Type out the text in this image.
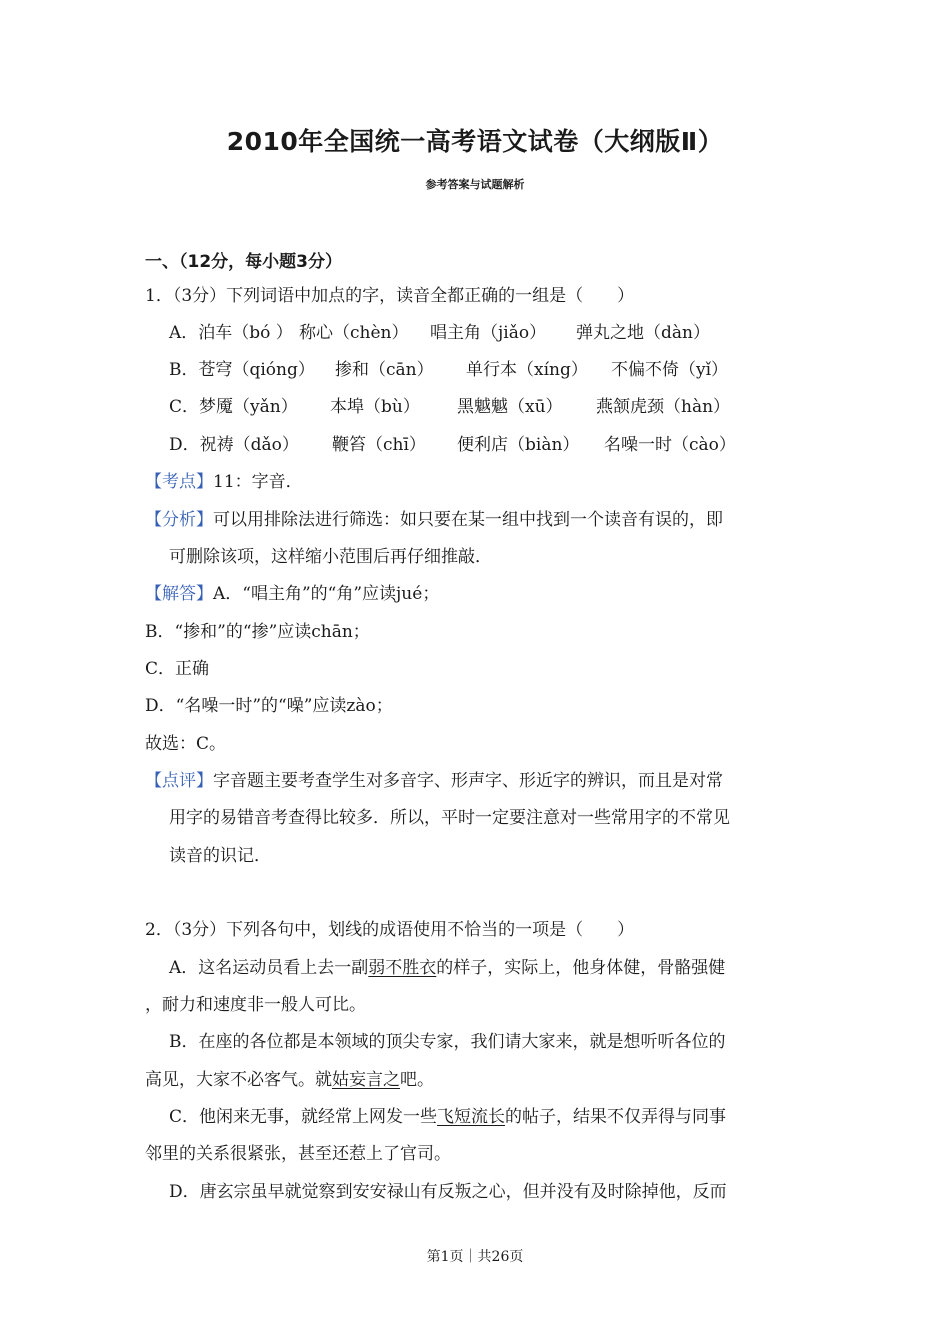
2010年全国统一高考语文试卷（大纲版Ⅱ）
参考答案与试题解析
一、（12分，每小题3分）
1．（3分）下列词语中加点的字，读音全都正确的一组是（　　）
A．泊车（bó ） 称心（chèn） 唱主角（jiǎo） 弹丸之地（dàn）
B．苍穹（qióng） 掺和（cān） 单行本（xíng） 不偏不倚（yǐ）
C．梦魇（yǎn） 本埠（bù） 黑魆魆（xū） 燕颔虎颈（hàn）
D．祝祷（dǎo） 鞭笞（chī） 便利店（biàn） 名噪一时（cào）
【考点】11：字音．
【分析】可以用排除法进行筛选：如只要在某一组中找到一个读音有误的，即
可删除该项，这样缩小范围后再仔细推敲．
【解答】A．“唱主角”的“角”应读jué；
B．“掺和”的“掺”应读chān；
C．正确
D．“名噪一时”的“噪”应读zào；
故选：C。
【点评】字音题主要考查学生对多音字、形声字、形近字的辨识，而且是对常
用字的易错音考查得比较多．所以，平时一定要注意对一些常用字的不常见
读音的识记．
2．（3分）下列各句中，划线的成语使用不恰当的一项是（　　）
A．这名运动员看上去一副弱不胜衣的样子，实际上，他身体健，骨骼强健
，耐力和速度非一般人可比。
B．在座的各位都是本领域的顶尖专家，我们请大家来，就是想听听各位的
高见，大家不必客气。就姑妄言之吧。
C．他闲来无事，就经常上网发一些飞短流长的帖子，结果不仅弄得与同事
邻里的关系很紧张，甚至还惹上了官司。
D．唐玄宗虽早就觉察到安安禄山有反叛之心，但并没有及时除掉他，反而
第1页｜共26页
